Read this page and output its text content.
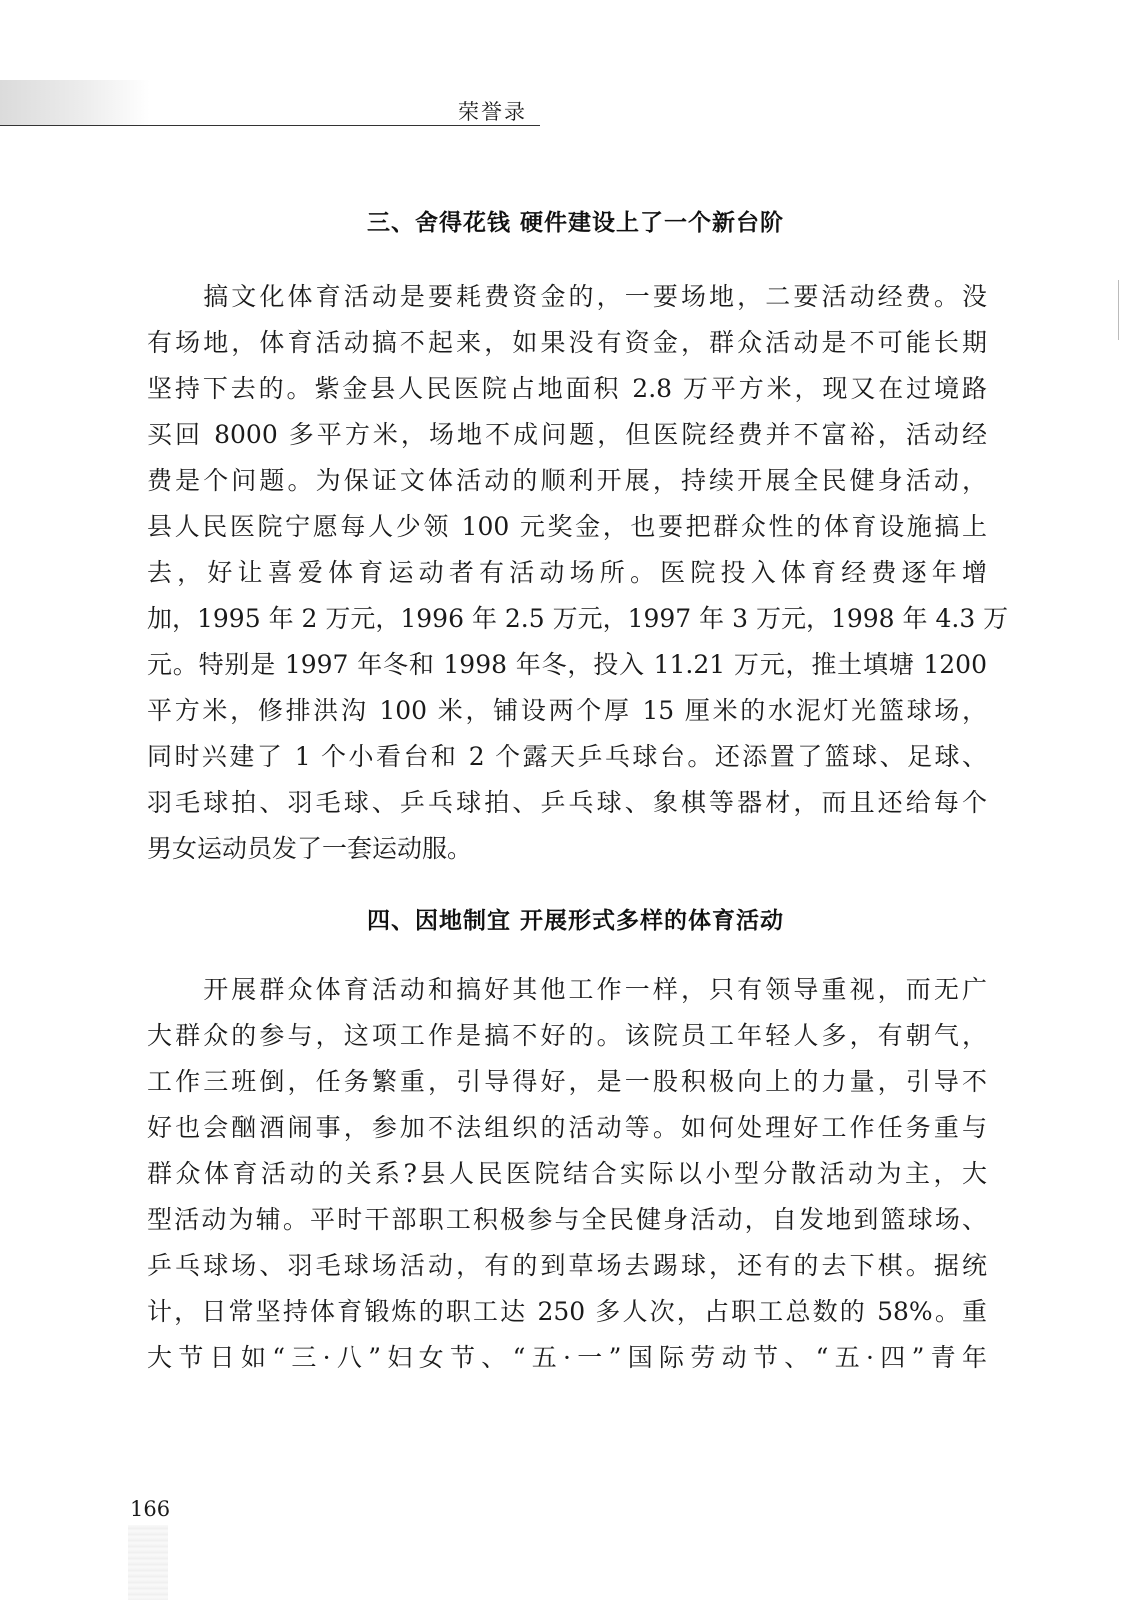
荣誉录
三、舍得花钱 硬件建设上了一个新台阶
　　搞文化体育活动是要耗费资金的，一要场地，二要活动经费。没
有场地，体育活动搞不起来，如果没有资金，群众活动是不可能长期
坚持下去的。紫金县人民医院占地面积 2.8 万平方米，现又在过境路
买回 8000 多平方米，场地不成问题，但医院经费并不富裕，活动经
费是个问题。为保证文体活动的顺利开展，持续开展全民健身活动，
县人民医院宁愿每人少领 100 元奖金，也要把群众性的体育设施搞上
去，好让喜爱体育运动者有活动场所。医院投入体育经费逐年增
加，1995 年 2 万元，1996 年 2.5 万元，1997 年 3 万元，1998 年 4.3 万
元。特别是 1997 年冬和 1998 年冬，投入 11.21 万元，推土填塘 1200
平方米，修排洪沟 100 米，铺设两个厚 15 厘米的水泥灯光篮球场，
同时兴建了 1 个小看台和 2 个露天乒乓球台。还添置了篮球、足球、
羽毛球拍、羽毛球、乒乓球拍、乒乓球、象棋等器材，而且还给每个
男女运动员发了一套运动服。
四、因地制宜 开展形式多样的体育活动
　　开展群众体育活动和搞好其他工作一样，只有领导重视，而无广
大群众的参与，这项工作是搞不好的。该院员工年轻人多，有朝气，
工作三班倒，任务繁重，引导得好，是一股积极向上的力量，引导不
好也会酗酒闹事，参加不法组织的活动等。如何处理好工作任务重与
群众体育活动的关系?县人民医院结合实际以小型分散活动为主，大
型活动为辅。平时干部职工积极参与全民健身活动，自发地到篮球场、
乒乓球场、羽毛球场活动，有的到草场去踢球，还有的去下棋。据统
计，日常坚持体育锻炼的职工达 250 多人次，占职工总数的 58%。重
大节日如“三·八”妇女节、“五·一”国际劳动节、“五·四”青年
166
